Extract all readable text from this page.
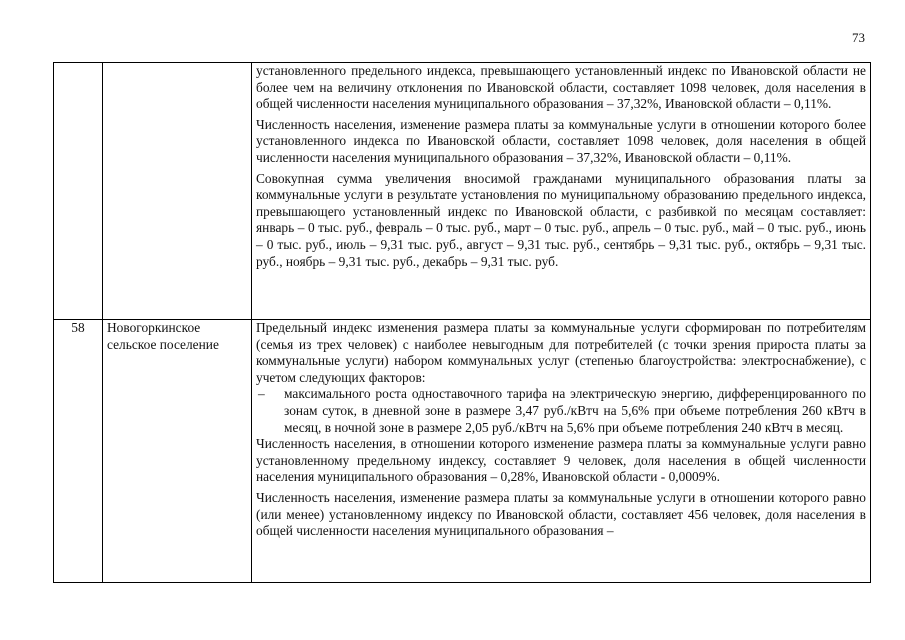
73

		установленного предельного индекса, превышающего установленный индекс по Ивановской области не более чем на величину отклонения по Ивановской области, составляет 1098 человек, доля населения в общей численности населения муниципального образования – 37,32%, Ивановской области – 0,11%.

Численность населения, изменение размера платы за коммунальные услуги в отношении которого более установленного индекса по Ивановской области, составляет 1098 человек, доля населения в общей численности населения муниципального образования – 37,32%, Ивановской области – 0,11%.

Совокупная сумма увеличения вносимой гражданами муниципального образования платы за коммунальные услуги в результате установления по муниципальному образованию предельного индекса, превышающего установленный индекс по Ивановской области, с разбивкой по месяцам составляет: январь – 0 тыс. руб., февраль – 0 тыс. руб., март – 0 тыс. руб., апрель – 0 тыс. руб., май – 0 тыс. руб., июнь – 0 тыс. руб., июль – 9,31 тыс. руб., август – 9,31 тыс. руб., сентябрь – 9,31 тыс. руб., октябрь – 9,31 тыс. руб., ноябрь – 9,31 тыс. руб., декабрь – 9,31 тыс. руб.

58	Новогоркинское сельское поселение	Предельный индекс изменения размера платы за коммунальные услуги сформирован по потребителям (семья из трех человек) с наиболее невыгодным для потребителей (с точки зрения прироста платы за коммунальные услуги) набором коммунальных услуг (степенью благоустройства: электроснабжение), с учетом следующих факторов:

– максимального роста одноставочного тарифа на электрическую энергию, дифференцированного по зонам суток, в дневной зоне в размере 3,47 руб./кВтч на 5,6% при объеме потребления 260 кВтч в месяц, в ночной зоне в размере 2,05 руб./кВтч на 5,6% при объеме потребления 240 кВтч в месяц.

Численность населения, в отношении которого изменение размера платы за коммунальные услуги равно установленному предельному индексу, составляет 9 человек, доля населения в общей численности населения муниципального образования – 0,28%, Ивановской области - 0,0009%.

Численность населения, изменение размера платы за коммунальные услуги в отношении которого равно (или менее) установленному индексу по Ивановской области, составляет 456 человек, доля населения в общей численности населения муниципального образования –
